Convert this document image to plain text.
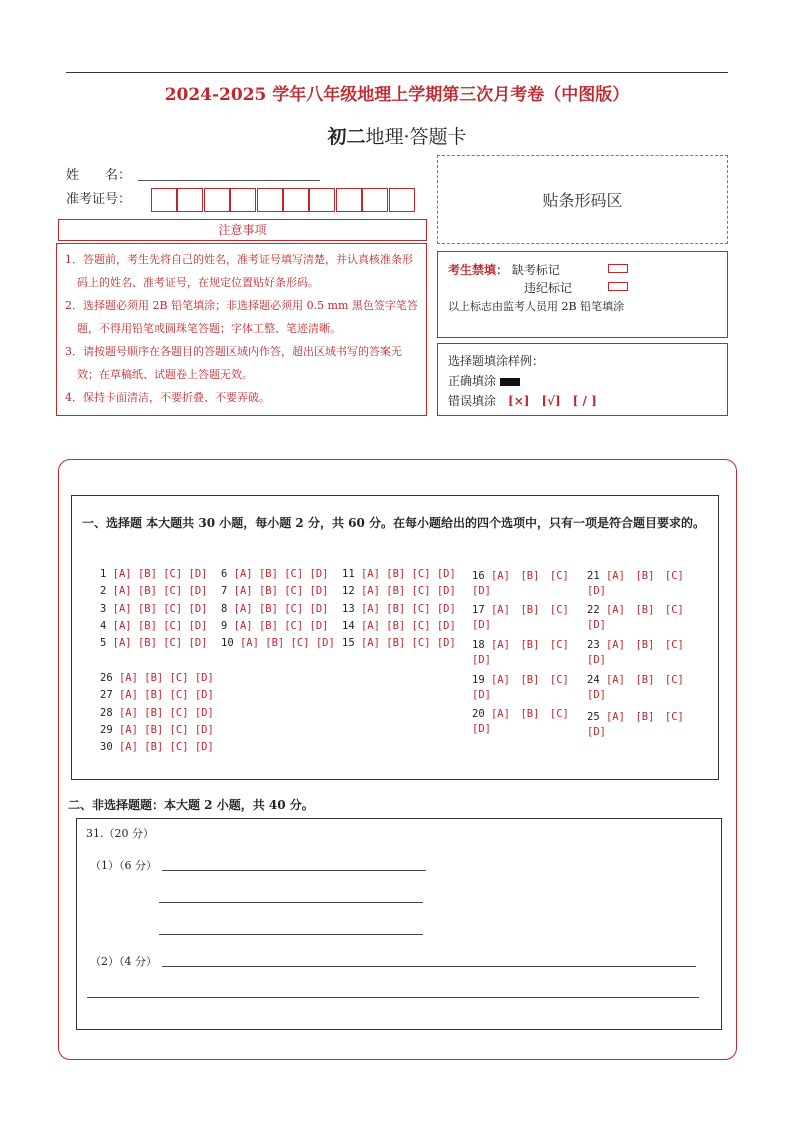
2024-2025 学年八年级地理上学期第三次月考卷（中图版）
初二地理·答题卡
姓　　名：
准考证号：	贴条形码区
注意事项

1．答题前，考生先将自己的姓名，准考证号填写清楚，并认真核准条形码上的姓名、准考证号，在规定位置贴好条形码。

2．选择题必须用 2B 铅笔填涂；非选择题必须用 0.5 mm 黑色签字笔答题，不得用铅笔或圆珠笔答题；字体工整、笔迹清晰。

3．请按题号顺序在各题目的答题区域内作答，超出区域书写的答案无效；在草稿纸、试题卷上答题无效。

4．保持卡面清洁，不要折叠、不要弄破。

考生禁填： 缺考标记
违纪标记
以上标志由监考人员用 2B 铅笔填涂
选择题填涂样例：
正确填涂
错误填涂　 [×]　[√]　[ / ]
一、选择题 本大题共 30 小题，每小题 2 分，共 60 分。在每小题给出的四个选项中，只有一项是符合题目要求的。
1 [A] [B] [C] [D]
2 [A] [B] [C] [D]
3 [A] [B] [C] [D]
4 [A] [B] [C] [D]
5 [A] [B] [C] [D]
6 [A] [B] [C] [D]
7 [A] [B] [C] [D]
8 [A] [B] [C] [D]
9 [A] [B] [C] [D]
10 [A] [B] [C] [D]
11 [A] [B] [C] [D]
12 [A] [B] [C] [D]
13 [A] [B] [C] [D]
14 [A] [B] [C] [D]
15 [A] [B] [C] [D]
26 [A] [B] [C] [D]
27 [A] [B] [C] [D]
28 [A] [B] [C] [D]
29 [A] [B] [C] [D]
30 [A] [B] [C] [D]
16 [A]　[B]　[C]
[D]
17 [A]　[B]　[C]
[D]
18 [A]　[B]　[C]
[D]
19 [A]　[B]　[C]
[D]
20 [A]　[B]　[C]
[D]
21 [A]　[B]　[C]
[D]
22 [A]　[B]　[C]
[D]
23 [A]　[B]　[C]
[D]
24 [A]　[B]　[C]
[D]
25 [A]　[B]　[C]
[D]
二、非选择题题：本大题 2 小题，共 40 分。
31.（20 分）
（1）（6 分）
（2）（4 分）
